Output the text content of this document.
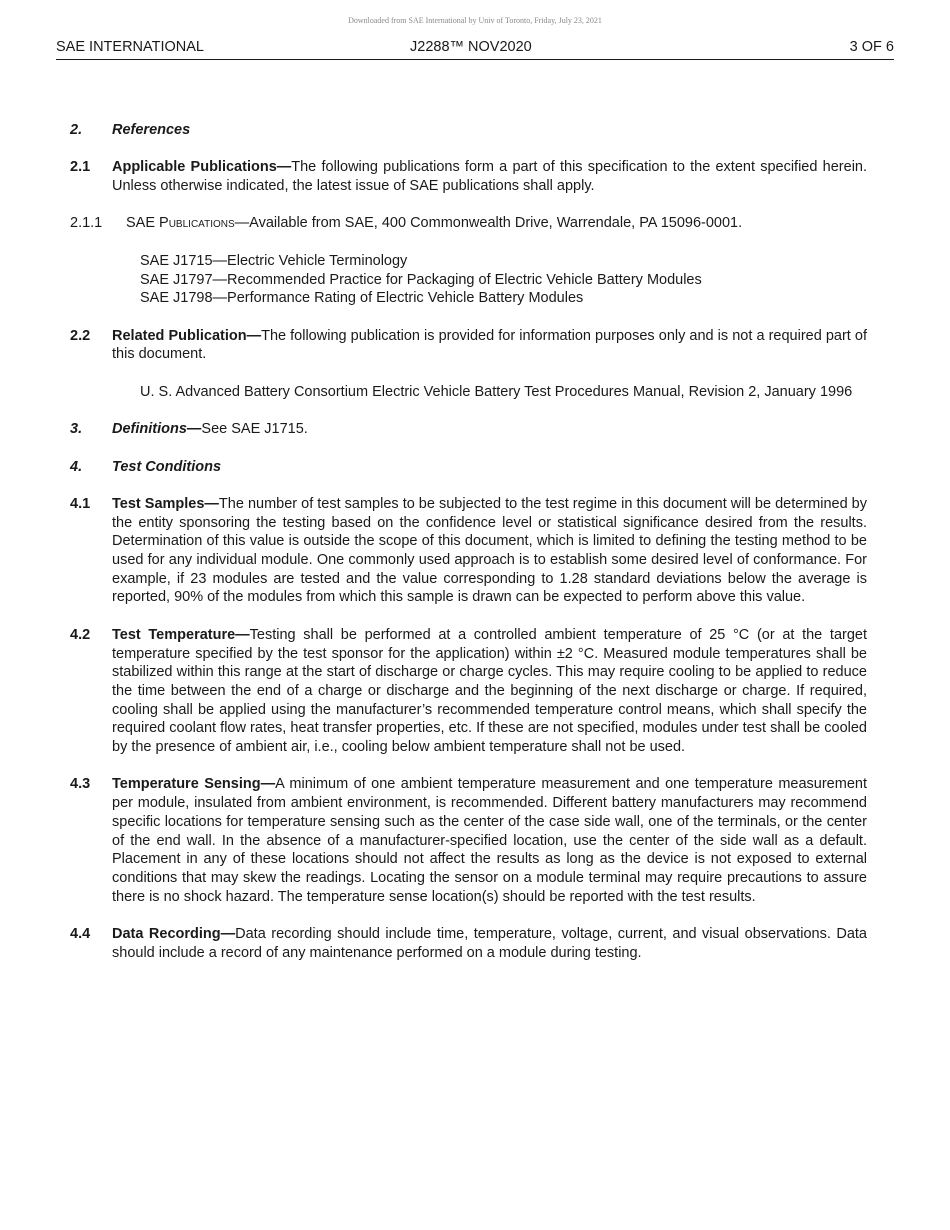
Downloaded from SAE International by Univ of Toronto, Friday, July 23, 2021
SAE INTERNATIONAL	J2288™ NOV2020	3 OF 6
2.	References
2.1	Applicable Publications—The following publications form a part of this specification to the extent specified herein. Unless otherwise indicated, the latest issue of SAE publications shall apply.
2.1.1	SAE Publications—Available from SAE, 400 Commonwealth Drive, Warrendale, PA 15096-0001.
SAE J1715—Electric Vehicle Terminology
SAE J1797—Recommended Practice for Packaging of Electric Vehicle Battery Modules
SAE J1798—Performance Rating of Electric Vehicle Battery Modules
2.2	Related Publication—The following publication is provided for information purposes only and is not a required part of this document.
U. S. Advanced Battery Consortium Electric Vehicle Battery Test Procedures Manual, Revision 2, January 1996
3.	Definitions—See SAE J1715.
4.	Test Conditions
4.1	Test Samples—The number of test samples to be subjected to the test regime in this document will be determined by the entity sponsoring the testing based on the confidence level or statistical significance desired from the results. Determination of this value is outside the scope of this document, which is limited to defining the testing method to be used for any individual module. One commonly used approach is to establish some desired level of conformance. For example, if 23 modules are tested and the value corresponding to 1.28 standard deviations below the average is reported, 90% of the modules from which this sample is drawn can be expected to perform above this value.
4.2	Test Temperature—Testing shall be performed at a controlled ambient temperature of 25 °C (or at the target temperature specified by the test sponsor for the application) within ±2 °C. Measured module temperatures shall be stabilized within this range at the start of discharge or charge cycles. This may require cooling to be applied to reduce the time between the end of a charge or discharge and the beginning of the next discharge or charge. If required, cooling shall be applied using the manufacturer’s recommended temperature control means, which shall specify the required coolant flow rates, heat transfer properties, etc. If these are not specified, modules under test shall be cooled by the presence of ambient air, i.e., cooling below ambient temperature shall not be used.
4.3	Temperature Sensing—A minimum of one ambient temperature measurement and one temperature measurement per module, insulated from ambient environment, is recommended. Different battery manufacturers may recommend specific locations for temperature sensing such as the center of the case side wall, one of the terminals, or the center of the end wall. In the absence of a manufacturer-specified location, use the center of the side wall as a default. Placement in any of these locations should not affect the results as long as the device is not exposed to external conditions that may skew the readings. Locating the sensor on a module terminal may require precautions to assure there is no shock hazard. The temperature sense location(s) should be reported with the test results.
4.4	Data Recording—Data recording should include time, temperature, voltage, current, and visual observations. Data should include a record of any maintenance performed on a module during testing.
